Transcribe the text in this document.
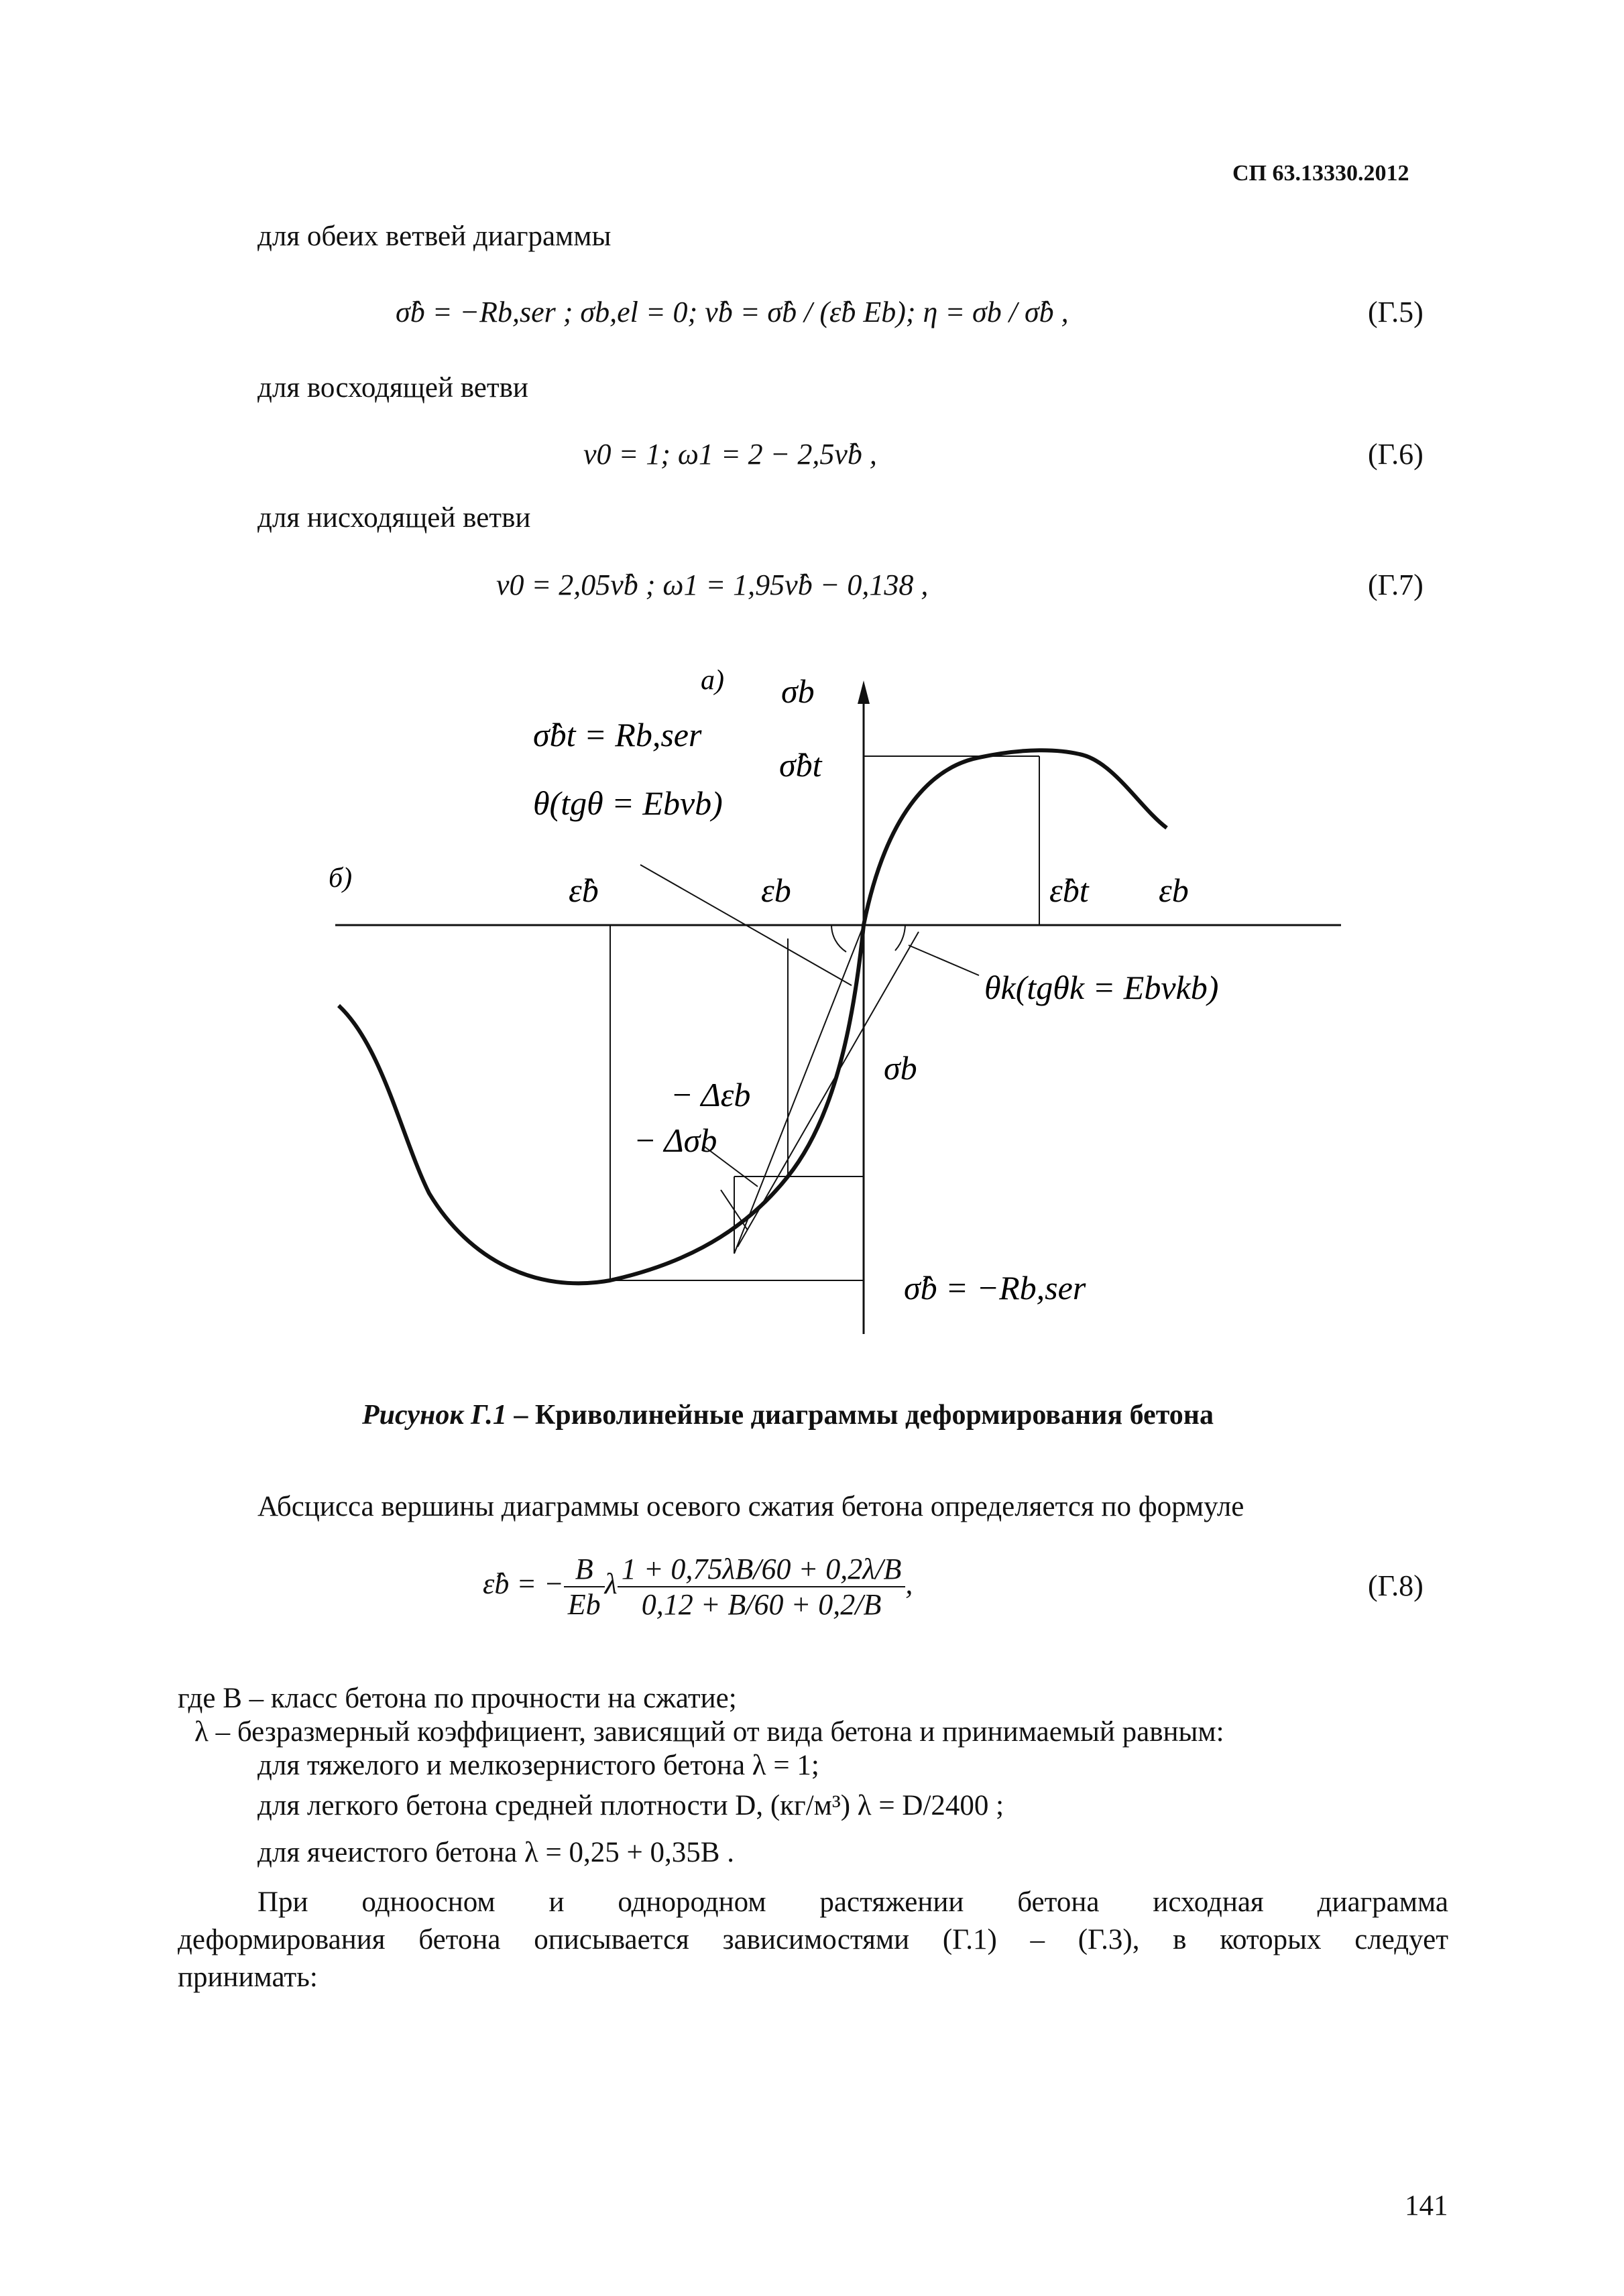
СП 63.13330.2012
для обеих ветвей диаграммы
σ̂b = −Rb,ser ; σb,el = 0; ν̂b = σ̂b / (ε̂b Eb); η = σb / σ̂b ,	(Г.5)
для восходящей ветви
ν0 = 1; ω1 = 2 − 2,5ν̂b ,	(Г.6)
для нисходящей ветви
ν0 = 2,05ν̂b ; ω1 = 1,95ν̂b − 0,138 ,	(Г.7)
а)
б)
σb
σ̂bt
σ̂bt = Rb,ser
θ(tgθ = Ebνb)
ε̂b	εb	ε̂bt εb
θk(tgθk = Ebνkb)
σb
− Δεb
− Δσb
σ̂b = −Rb,ser
Рисунок Г.1 – Криволинейные диаграммы деформирования бетона
Абсцисса вершины диаграммы осевого сжатия бетона определяется по формуле
ε̂b = − $\frac{B}{Eb}$ λ $\frac{1 + 0,75\lambda B/60 + 0,2\lambda/B}{0,12 + B/60 + 0,2/B}$ ,	(Г.8)
где B – класс бетона по прочности на сжатие;
λ – безразмерный коэффициент, зависящий от вида бетона и принимаемый равным:
для тяжелого и мелкозернистого бетона λ = 1;
для легкого бетона средней плотности D, (кг/м³) λ = D/2400 ;
для ячеистого бетона λ = 0,25 + 0,35B .
При одноосном и однородном растяжении бетона исходная диаграмма
деформирования бетона описывается зависимостями (Г.1) – (Г.3), в которых следует
принимать:
141
